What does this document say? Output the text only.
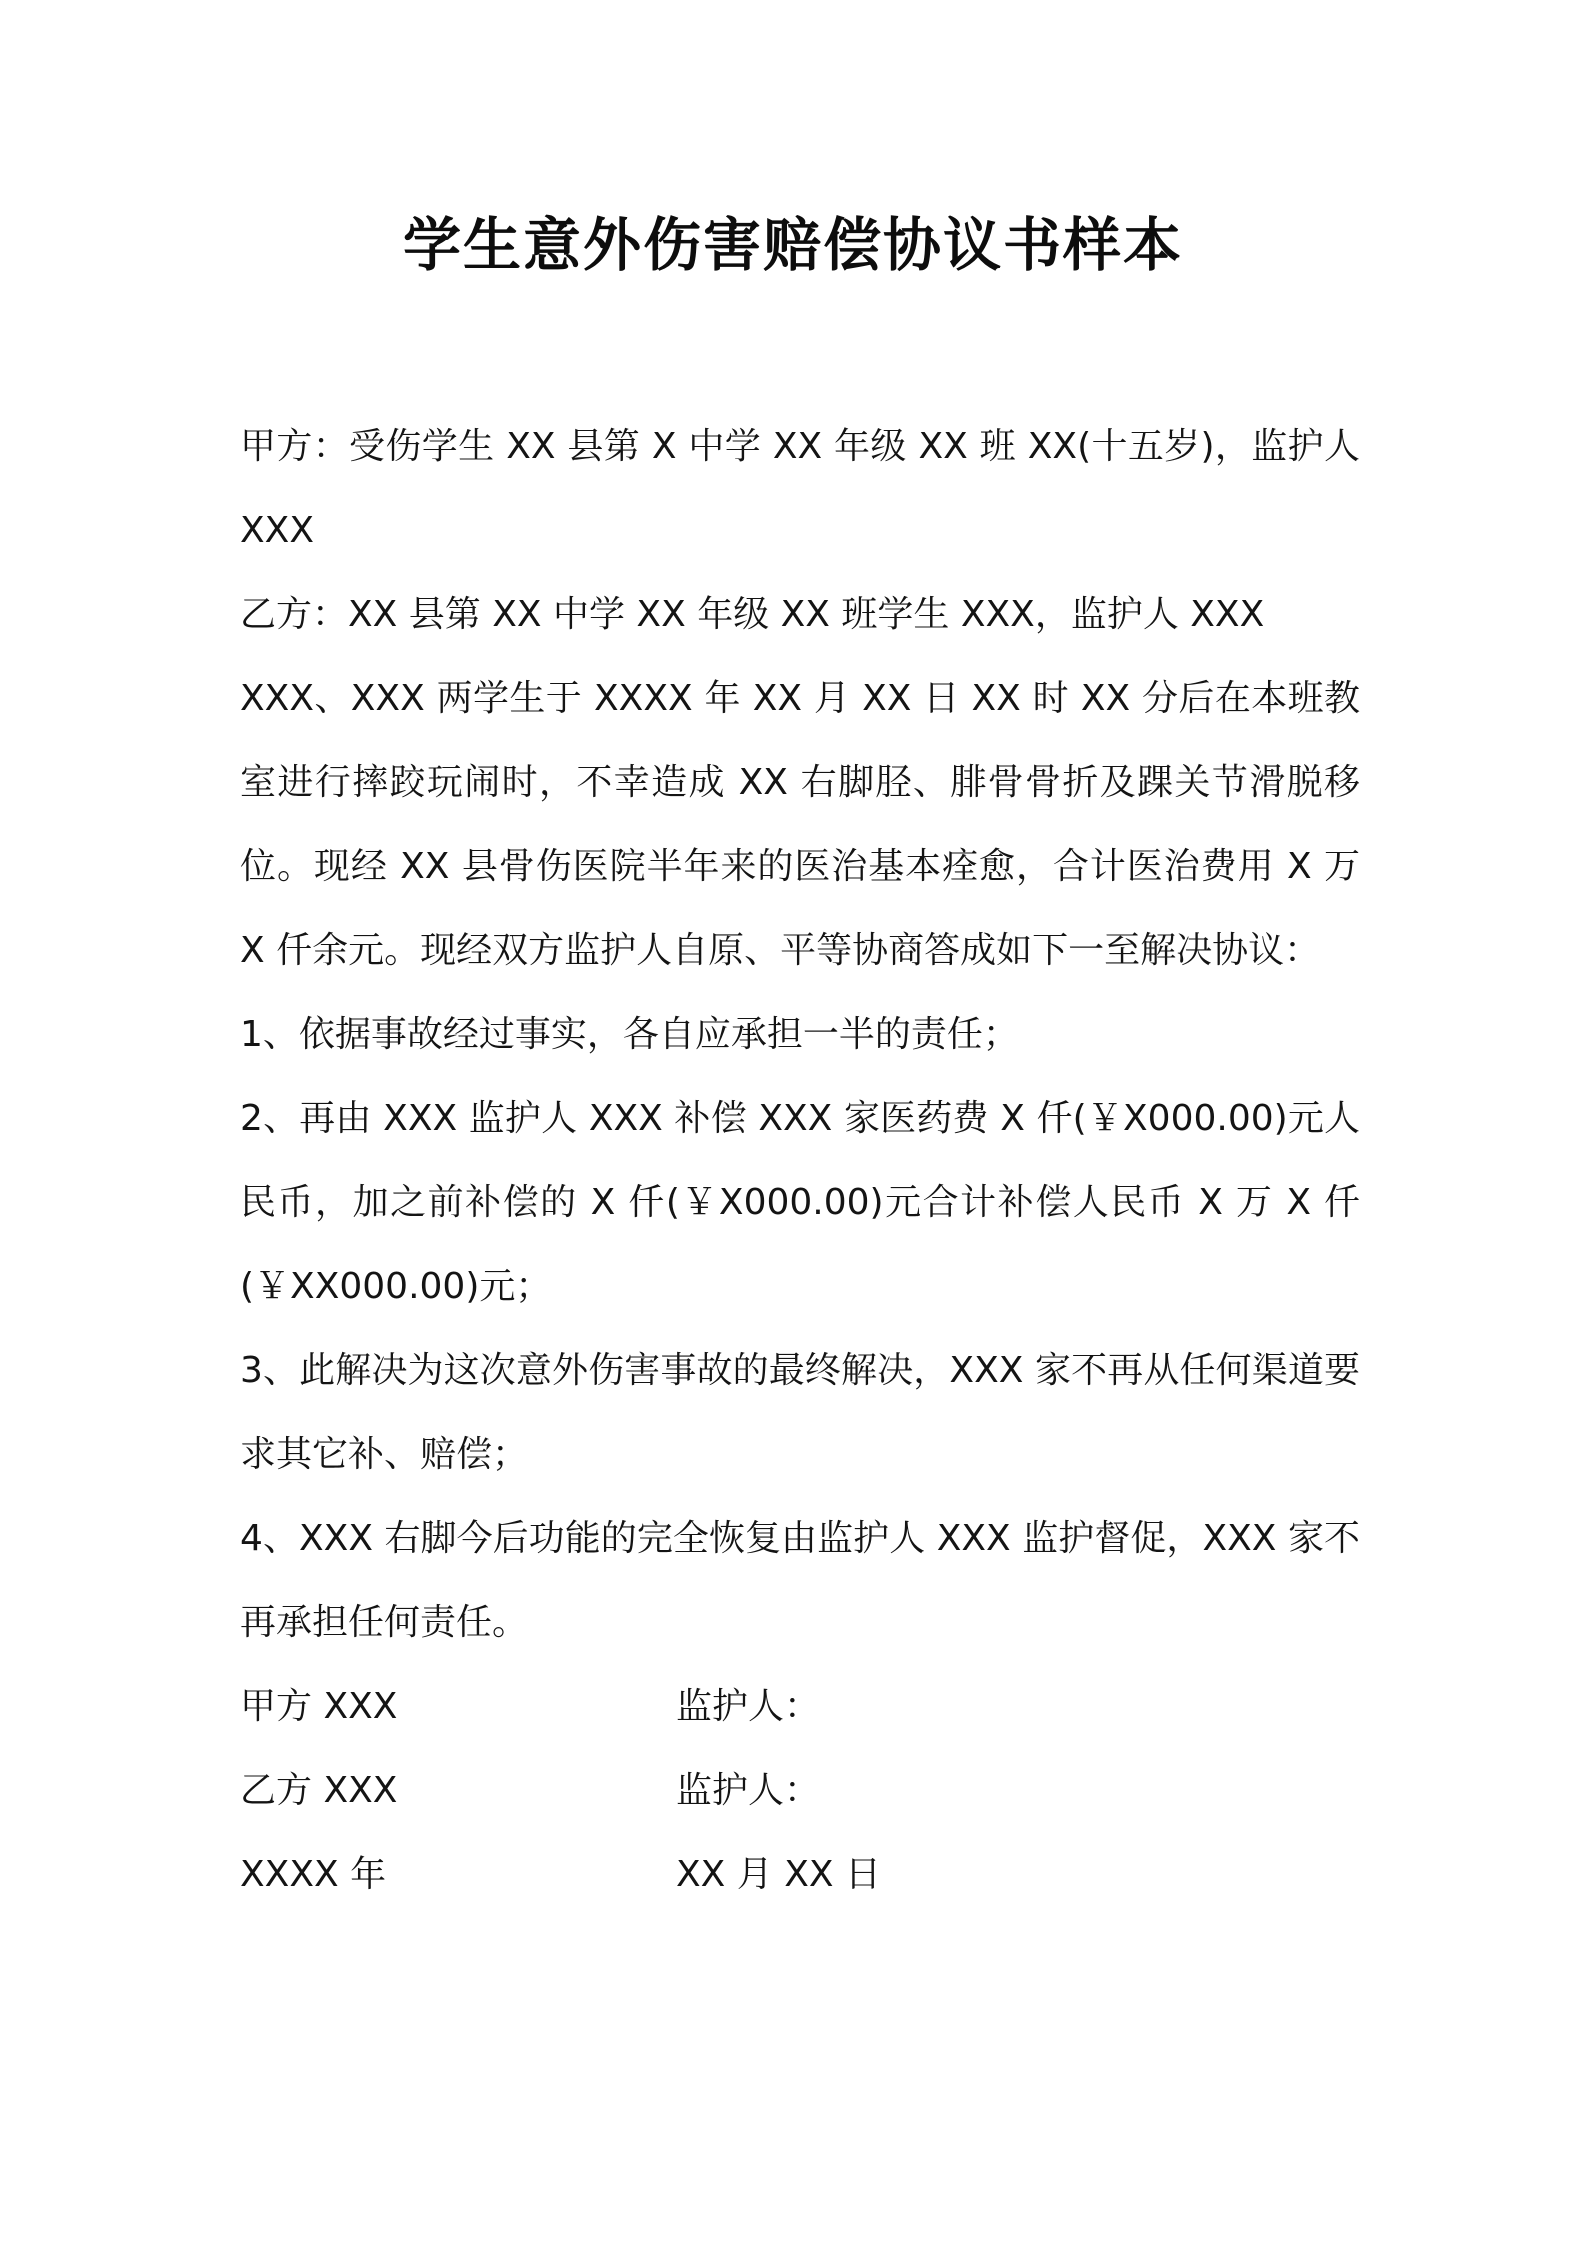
学生意外伤害赔偿协议书样本

甲方：受伤学生 XX 县第 X 中学 XX 年级 XX 班 XX(十五岁)，监护人 XXX

乙方：XX 县第 XX 中学 XX 年级 XX 班学生 XXX，监护人 XXX

XXX、XXX 两学生于 XXXX 年 XX 月 XX 日 XX 时 XX 分后在本班教室进行摔跤玩闹时，不幸造成 XX 右脚胫、腓骨骨折及踝关节滑脱移位。现经 XX 县骨伤医院半年来的医治基本痊愈，合计医治费用 X 万 X 仟余元。现经双方监护人自原、平等协商答成如下一至解决协议：

1、依据事故经过事实，各自应承担一半的责任；

2、再由 XXX 监护人 XXX 补偿 XXX 家医药费 X 仟(￥X000.00)元人民币，加之前补偿的 X 仟(￥X000.00)元合计补偿人民币 X 万 X 仟(￥XX000.00)元；

3、此解决为这次意外伤害事故的最终解决，XXX 家不再从任何渠道要求其它补、赔偿；

4、XXX 右脚今后功能的完全恢复由监护人 XXX 监护督促，XXX 家不再承担任何责任。

甲方 XXX	监护人：
乙方 XXX	监护人：
XXXX 年	XX 月 XX 日
